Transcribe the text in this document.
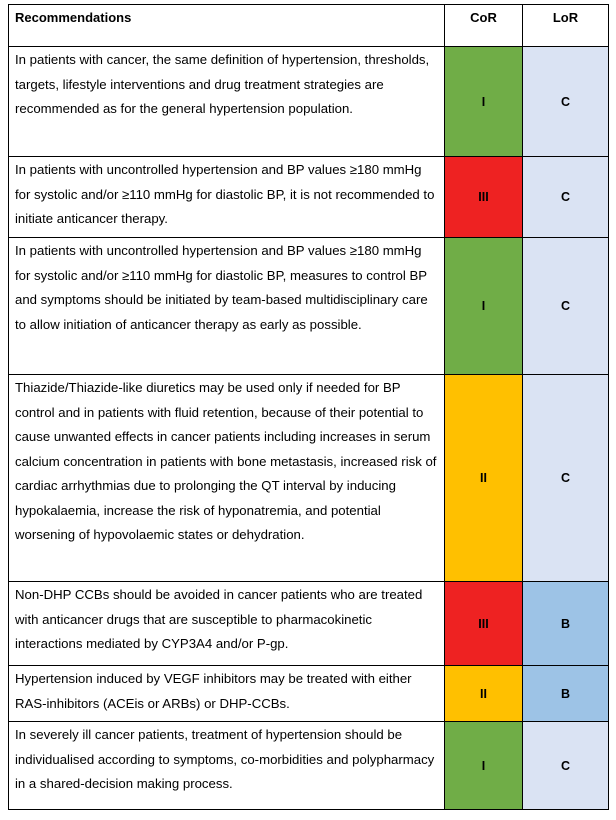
Recommendations	CoR	LoR
In patients with cancer, the same definition of hypertension, thresholds, targets, lifestyle interventions and drug treatment strategies are recommended as for the general hypertension population.	I	C
In patients with uncontrolled hypertension and BP values ≥180 mmHg for systolic and/or ≥110 mmHg for diastolic BP, it is not recommended to initiate anticancer therapy.	III	C
In patients with uncontrolled hypertension and BP values ≥180 mmHg for systolic and/or ≥110 mmHg for diastolic BP, measures to control BP and symptoms should be initiated by team-based multidisciplinary care to allow initiation of anticancer therapy as early as possible.	I	C
Thiazide/Thiazide-like diuretics may be used only if needed for BP control and in patients with fluid retention, because of their potential to cause unwanted effects in cancer patients including increases in serum calcium concentration in patients with bone metastasis, increased risk of cardiac arrhythmias due to prolonging the QT interval by inducing hypokalaemia, increase the risk of hyponatremia, and potential worsening of hypovolaemic states or dehydration.	II	C
Non-DHP CCBs should be avoided in cancer patients who are treated with anticancer drugs that are susceptible to pharmacokinetic interactions mediated by CYP3A4 and/or P-gp.	III	B
Hypertension induced by VEGF inhibitors may be treated with either RAS-inhibitors (ACEis or ARBs) or DHP-CCBs.	II	B
In severely ill cancer patients, treatment of hypertension should be individualised according to symptoms, co-morbidities and polypharmacy in a shared-decision making process.	I	C
